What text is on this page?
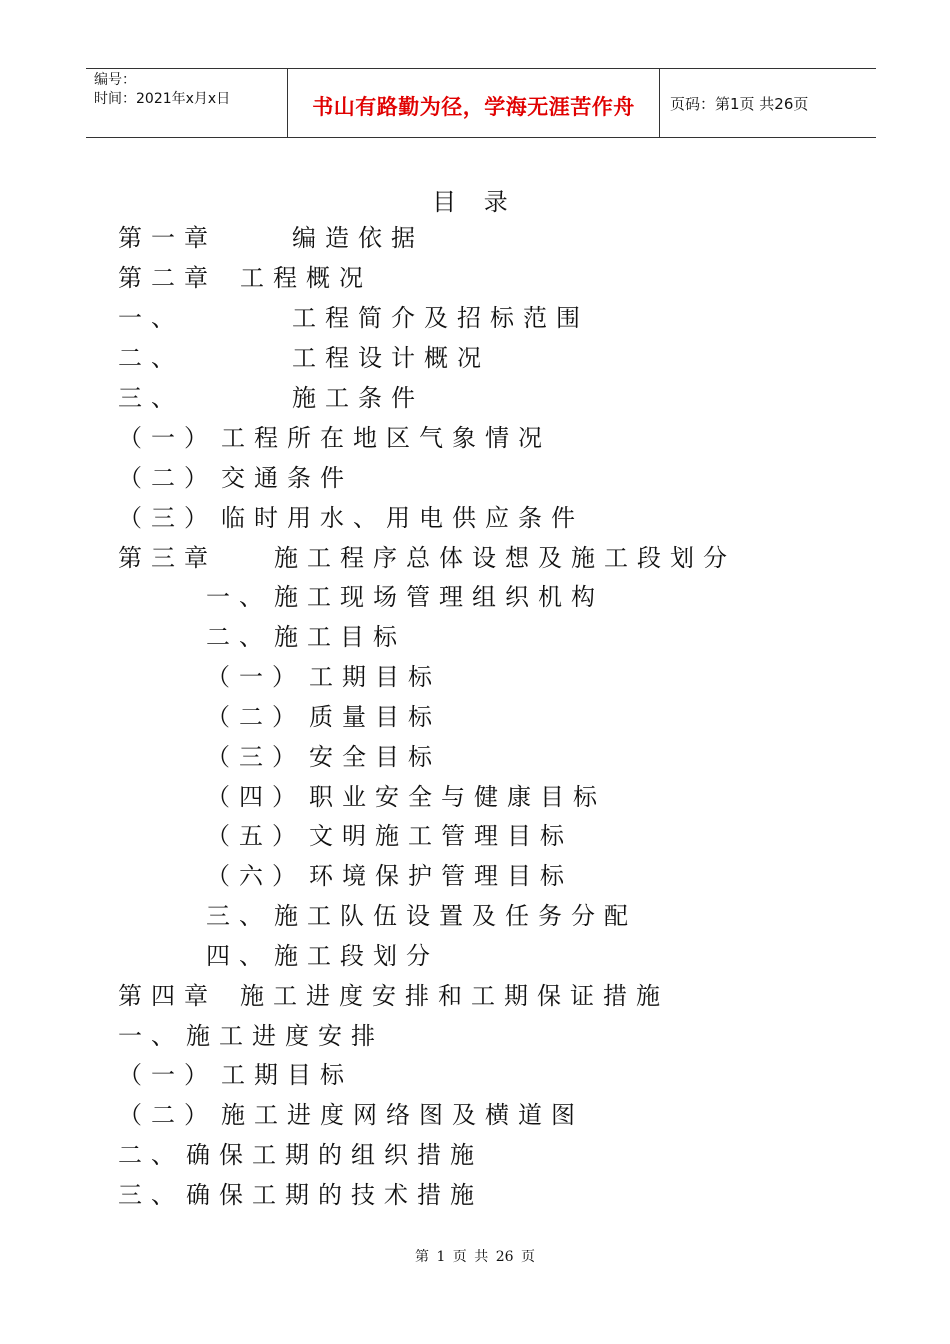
编号：
时间：2021年x月x日	书山有路勤为径，学海无涯苦作舟	页码：第1页 共26页
目 录
第一章	编造依据
第二章 工程概况
一、	工程简介及招标范围
二、	工程设计概况
三、	施工条件
（一） 工程所在地区气象情况
（二） 交通条件
（三） 临时用水、用电供应条件
第三章 施工程序总体设想及施工段划分
一、施工现场管理组织机构
二、施工目标
（一） 工期目标
（二） 质量目标
（三） 安全目标
（四） 职业安全与健康目标
（五） 文明施工管理目标
（六） 环境保护管理目标
三、施工队伍设置及任务分配
四、施工段划分
第四章 施工进度安排和工期保证措施
一、施工进度安排
（一） 工期目标
（二） 施工进度网络图及横道图
二、确保工期的组织措施
三、确保工期的技术措施
第 1 页 共 26 页
